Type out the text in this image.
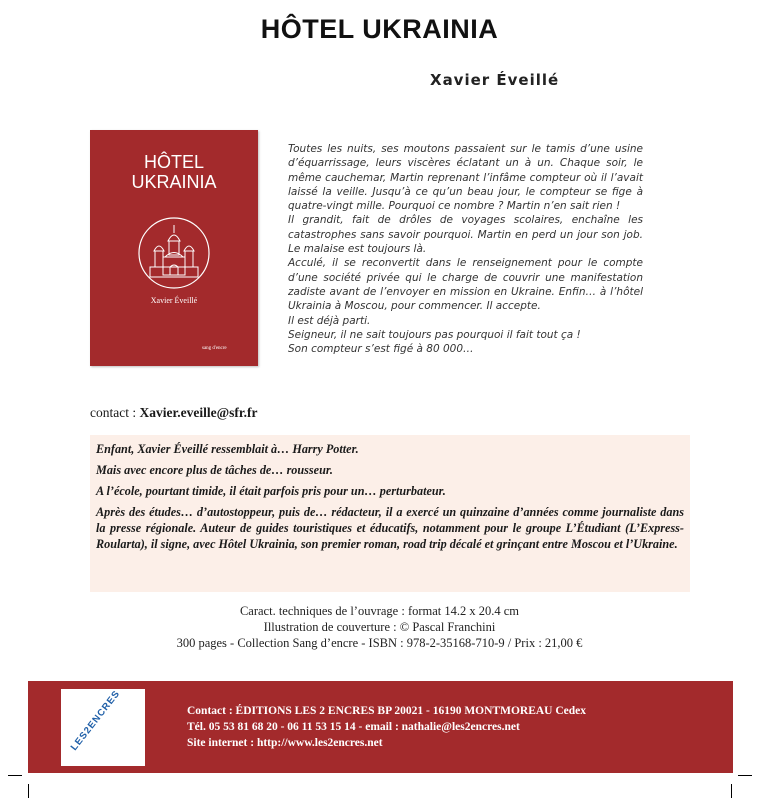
HÔTEL UKRAINIA
Xavier Éveillé
HÔTEL
UKRAINIA
Xavier Éveillé
sang d'encre

Toutes les nuits, ses moutons passaient sur le tamis d’une usine d’équarrissage, leurs viscères éclatant un à un. Chaque soir, le même cauchemar, Martin reprenant l’infâme compteur où il l’avait laissé la veille. Jusqu’à ce qu’un beau jour, le compteur se fige à quatre-vingt mille. Pourquoi ce nombre ? Martin n’en sait rien !

Il grandit, fait de drôles de voyages scolaires, enchaîne les catastrophes sans savoir pourquoi. Martin en perd un jour son job. Le malaise est toujours là.

Acculé, il se reconvertit dans le renseignement pour le compte d’une société privée qui le charge de couvrir une manifestation zadiste avant de l’envoyer en mission en Ukraine. Enfin… à l’hôtel Ukrainia à Moscou, pour commencer. Il accepte.

Il est déjà parti.

Seigneur, il ne sait toujours pas pourquoi il fait tout ça !

Son compteur s’est figé à 80 000…

contact : Xavier.eveille@sfr.fr

Enfant, Xavier Éveillé ressemblait à… Harry Potter.

Mais avec encore plus de tâches de… rousseur.

A l’école, pourtant timide, il était parfois pris pour un… perturbateur.

Après des études… d’autostoppeur, puis de… rédacteur, il a exercé un quinzaine d’années comme journaliste dans la presse régionale. Auteur de guides touristiques et éducatifs, notamment pour le groupe L’Étudiant (L’Express-Roularta), il signe, avec Hôtel Ukrainia, son premier roman, road trip décalé et grinçant entre Moscou et l’Ukraine.

Caract. techniques de l’ouvrage : format 14.2 x 20.4 cm
Illustration de couverture : © Pascal Franchini
300 pages - Collection Sang d’encre - ISBN : 978-2-35168-710-9 / Prix : 21,00 €
LES2ENCRES	Contact : ÉDITIONS LES 2 ENCRES BP 20021 - 16190 MONTMOREAU Cedex
Tél. 05 53 81 68 20 - 06 11 53 15 14 - email : nathalie@les2encres.net
Site internet : http://www.les2encres.net
